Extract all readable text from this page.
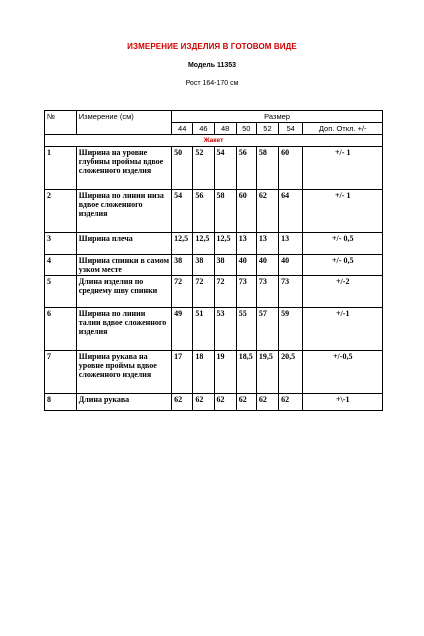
ИЗМЕРЕНИЕ ИЗДЕЛИЯ В ГОТОВОМ ВИДЕ
Модель 11353
Рост 164-170 см
№	Измерение (см)	Размер						
		44	46	48	50	52	54	Доп. Откл. +/-
Жакет								
1	Ширина на уровне глубины проймы вдвое сложенного изделия	50	52	54	56	58	60	+/- 1
2	Ширина по линии низа вдвое сложенного изделия	54	56	58	60	62	64	+/- 1
3	Ширина плеча	12,5	12,5	12,5	13	13	13	+/- 0,5
4	Ширина спинки в самом узком месте	38	38	38	40	40	40	+/- 0,5
5	Длина изделия по среднему шву спинки	72	72	72	73	73	73	+/-2
6	Ширина по линии талии вдвое сложенного изделия	49	51	53	55	57	59	+/-1
7	Ширина рукава на уровне проймы вдвое сложенного изделия	17	18	19	18,5	19,5	20,5	+/-0,5
8	Длина рукава	62	62	62	62	62	62	+\-1
